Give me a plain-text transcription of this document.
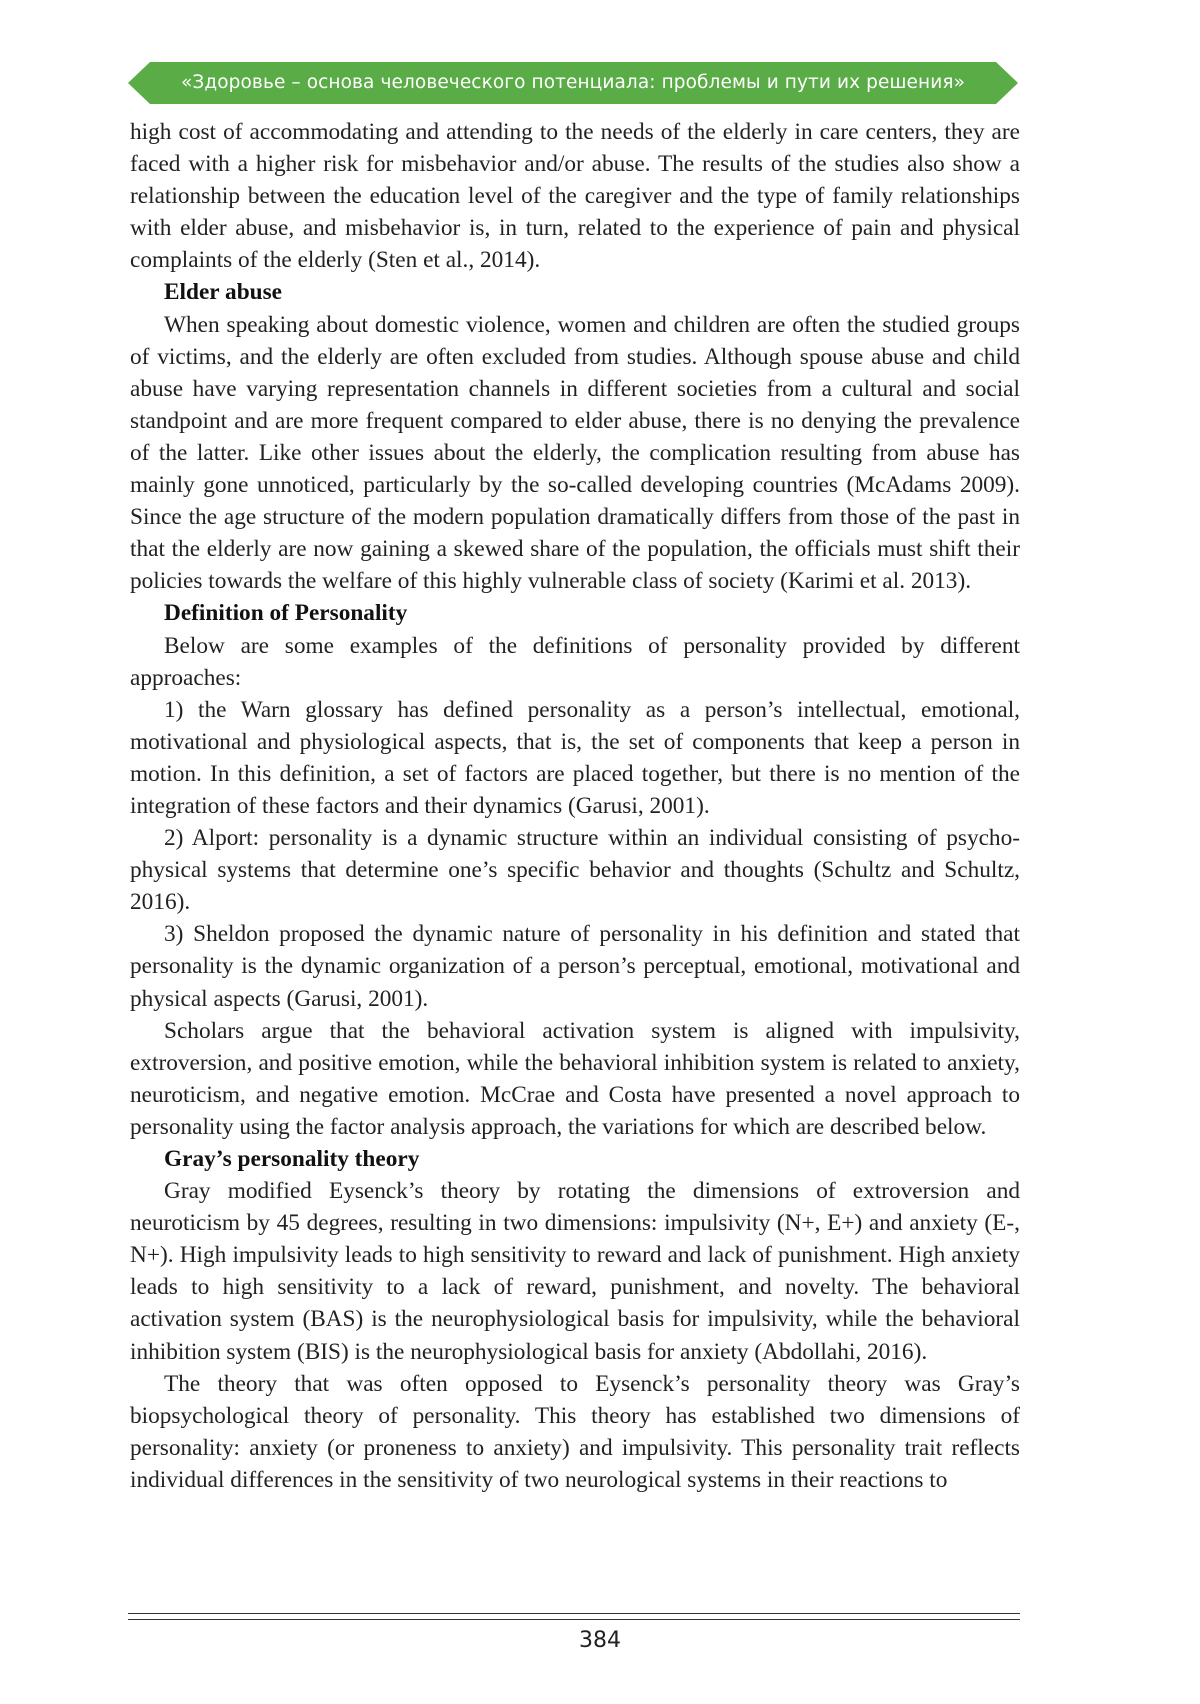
«Здоровье – основа человеческого потенциала: проблемы и пути их решения»

high cost of accommodating and attending to the needs of the elderly in care centers, they are faced with a higher risk for misbehavior and/or abuse. The results of the studies also show a relationship between the education level of the caregiver and the type of family relationships with elder abuse, and misbehavior is, in turn, related to the experience of pain and physical complaints of the elderly (Sten et al., 2014).

Elder abuse

When speaking about domestic violence, women and children are often the studied groups of victims, and the elderly are often excluded from studies. Although spouse abuse and child abuse have varying representation channels in different societies from a cultural and social standpoint and are more frequent compared to elder abuse, there is no denying the prevalence of the latter. Like other issues about the elderly, the complication resulting from abuse has mainly gone unnoticed, particularly by the so-called developing countries (McAdams 2009). Since the age structure of the modern population dramatically differs from those of the past in that the elderly are now gaining a skewed share of the population, the officials must shift their policies towards the welfare of this highly vulnerable class of society (Karimi et al. 2013).

Definition of Personality

Below are some examples of the definitions of personality provided by different approaches:

1) the Warn glossary has defined personality as a person’s intellectual, emotional, motivational and physiological aspects, that is, the set of components that keep a person in motion. In this definition, a set of factors are placed together, but there is no mention of the integration of these factors and their dynamics (Garusi, 2001).

2) Alport: personality is a dynamic structure within an individual consisting of psycho-physical systems that determine one’s specific behavior and thoughts (Schultz and Schultz, 2016).

3) Sheldon proposed the dynamic nature of personality in his definition and stated that personality is the dynamic organization of a person’s perceptual, emotional, motivational and physical aspects (Garusi, 2001).

Scholars argue that the behavioral activation system is aligned with impulsivity, extroversion, and positive emotion, while the behavioral inhibition system is related to anxiety, neuroticism, and negative emotion. McCrae and Costa have presented a novel approach to personality using the factor analysis approach, the variations for which are described below.

Gray’s personality theory

Gray modified Eysenck’s theory by rotating the dimensions of extroversion and neuroticism by 45 degrees, resulting in two dimensions: impulsivity (N+, E+) and anxiety (E-, N+). High impulsivity leads to high sensitivity to reward and lack of punishment. High anxiety leads to high sensitivity to a lack of reward, punishment, and novelty. The behavioral activation system (BAS) is the neurophysiological basis for impulsivity, while the behavioral inhibition system (BIS) is the neurophysiological basis for anxiety (Abdollahi, 2016).

The theory that was often opposed to Eysenck’s personality theory was Gray’s biopsychological theory of personality. This theory has established two dimensions of personality: anxiety (or proneness to anxiety) and impulsivity. This personality trait reflects individual differences in the sensitivity of two neurological systems in their reactions to

384
